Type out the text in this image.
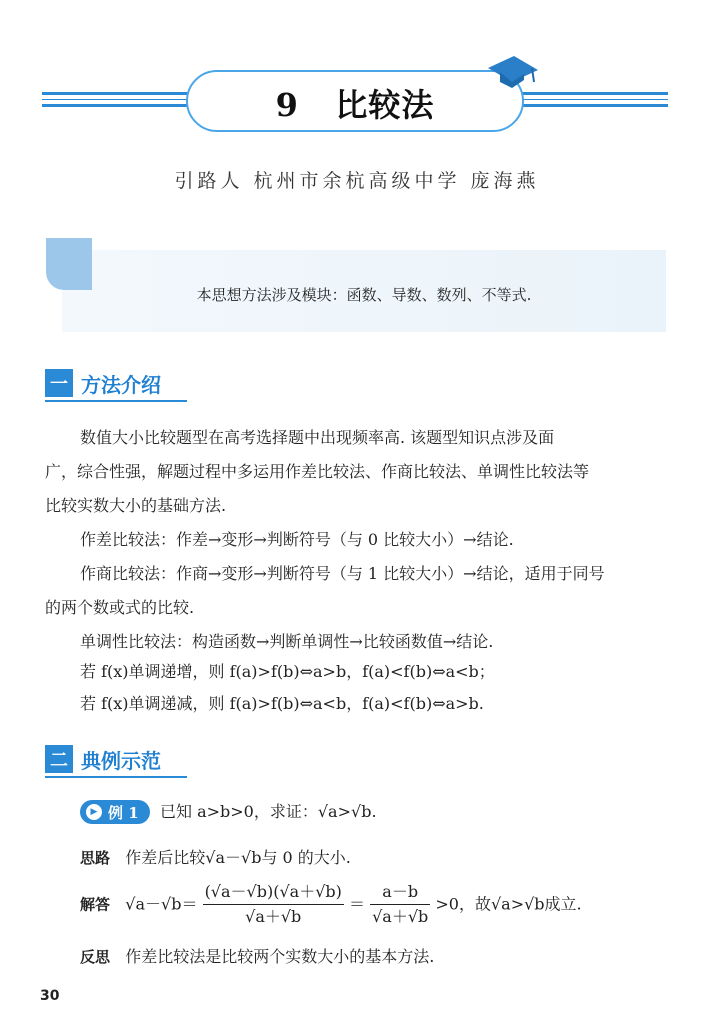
9 比较法
引路人 杭州市余杭高级中学 庞海燕
本思想方法涉及模块：函数、导数、数列、不等式.
一 方法介绍
数值大小比较题型在高考选择题中出现频率高. 该题型知识点涉及面
广，综合性强，解题过程中多运用作差比较法、作商比较法、单调性比较法等
比较实数大小的基础方法.
作差比较法：作差→变形→判断符号（与 0 比较大小）→结论.
作商比较法：作商→变形→判断符号（与 1 比较大小）→结论，适用于同号
的两个数或式的比较.
单调性比较法：构造函数→判断单调性→比较函数值→结论.
若 f(x)单调递增，则 f(a)>f(b)⇔a>b，f(a)<f(b)⇔a<b；
若 f(x)单调递减，则 f(a)>f(b)⇔a<b，f(a)<f(b)⇔a>b.
二 典例示范
▶ 例 1 已知 a>b>0，求证：√a>√b.
思路 作差后比较√a－√b与 0 的大小.
解答 $√a-√b= \frac{(√a-√b)(√a+√b)}{√a+√b} = \frac{a-b}{√a+√b} >0$，故√a>√b成立.
反思 作差比较法是比较两个实数大小的基本方法.
30
